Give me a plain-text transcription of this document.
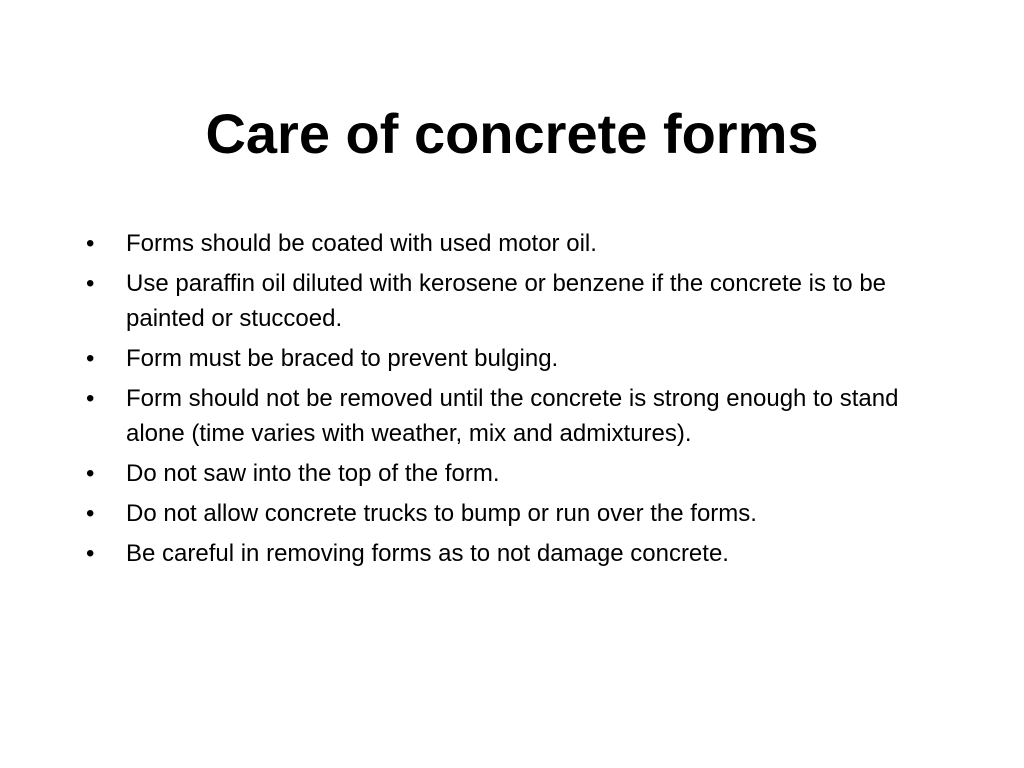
Care of concrete forms
• Forms should be coated with used motor oil.
• Use paraffin oil diluted with kerosene or benzene if the concrete is to be painted or stuccoed.
• Form must be braced to prevent bulging.
• Form should not be removed until the concrete is strong enough to stand alone (time varies with weather, mix and admixtures).
• Do not saw into the top of the form.
• Do not allow concrete trucks to bump or run over the forms.
• Be careful in removing forms as to not damage concrete.
